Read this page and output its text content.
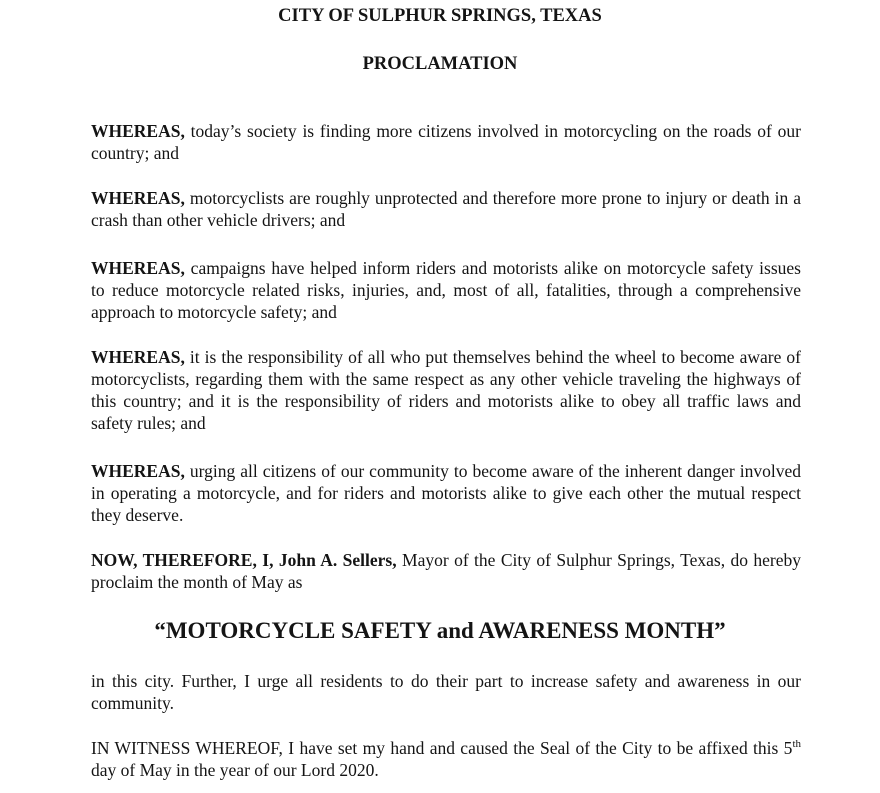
CITY OF SULPHUR SPRINGS, TEXAS
PROCLAMATION
WHEREAS, today’s society is finding more citizens involved in motorcycling on the roads of our country; and
WHEREAS, motorcyclists are roughly unprotected and therefore more prone to injury or death in a crash than other vehicle drivers; and
WHEREAS, campaigns have helped inform riders and motorists alike on motorcycle safety issues to reduce motorcycle related risks, injuries, and, most of all, fatalities, through a comprehensive approach to motorcycle safety; and
WHEREAS, it is the responsibility of all who put themselves behind the wheel to become aware of motorcyclists, regarding them with the same respect as any other vehicle traveling the highways of this country; and it is the responsibility of riders and motorists alike to obey all traffic laws and safety rules; and
WHEREAS, urging all citizens of our community to become aware of the inherent danger involved in operating a motorcycle, and for riders and motorists alike to give each other the mutual respect they deserve.
NOW, THEREFORE, I, John A. Sellers, Mayor of the City of Sulphur Springs, Texas, do hereby proclaim the month of May as
“MOTORCYCLE SAFETY and AWARENESS MONTH”
in this city. Further, I urge all residents to do their part to increase safety and awareness in our community.
IN WITNESS WHEREOF, I have set my hand and caused the Seal of the City to be affixed this 5th day of May in the year of our Lord 2020.
